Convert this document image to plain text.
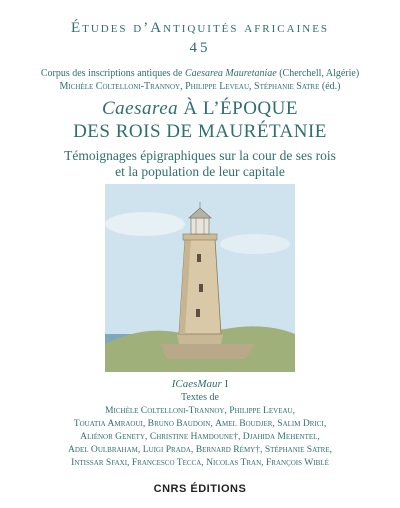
Études d’Antiquités africaines
45
Corpus des inscriptions antiques de Caesarea Mauretaniae (Cherchell, Algérie)
Michèle Coltelloni-Trannoy, Philippe Leveau, Stéphanie Satre (éd.)
Caesarea À L’ÉPOQUE
DES ROIS DE MAURÉTANIE
Témoignages épigraphiques sur la cour de ses rois
et la population de leur capitale
ICaesMaur I
Textes de
Michèle Coltelloni-Trannoy, Philippe Leveau,
Touatia Amraoui, Bruno Baudoin, Amel Boudjer, Salim Drici,
Aliénor Genety, Christine Hamdoune†, Djahida Mehentel,
Adel Oulbraham, Luigi Prada, Bernard Rémy†, Stéphanie Satre,
Intissar Sfaxi, Francesco Tecca, Nicolas Tran, François Wiblé
CNRS ÉDITIONS
